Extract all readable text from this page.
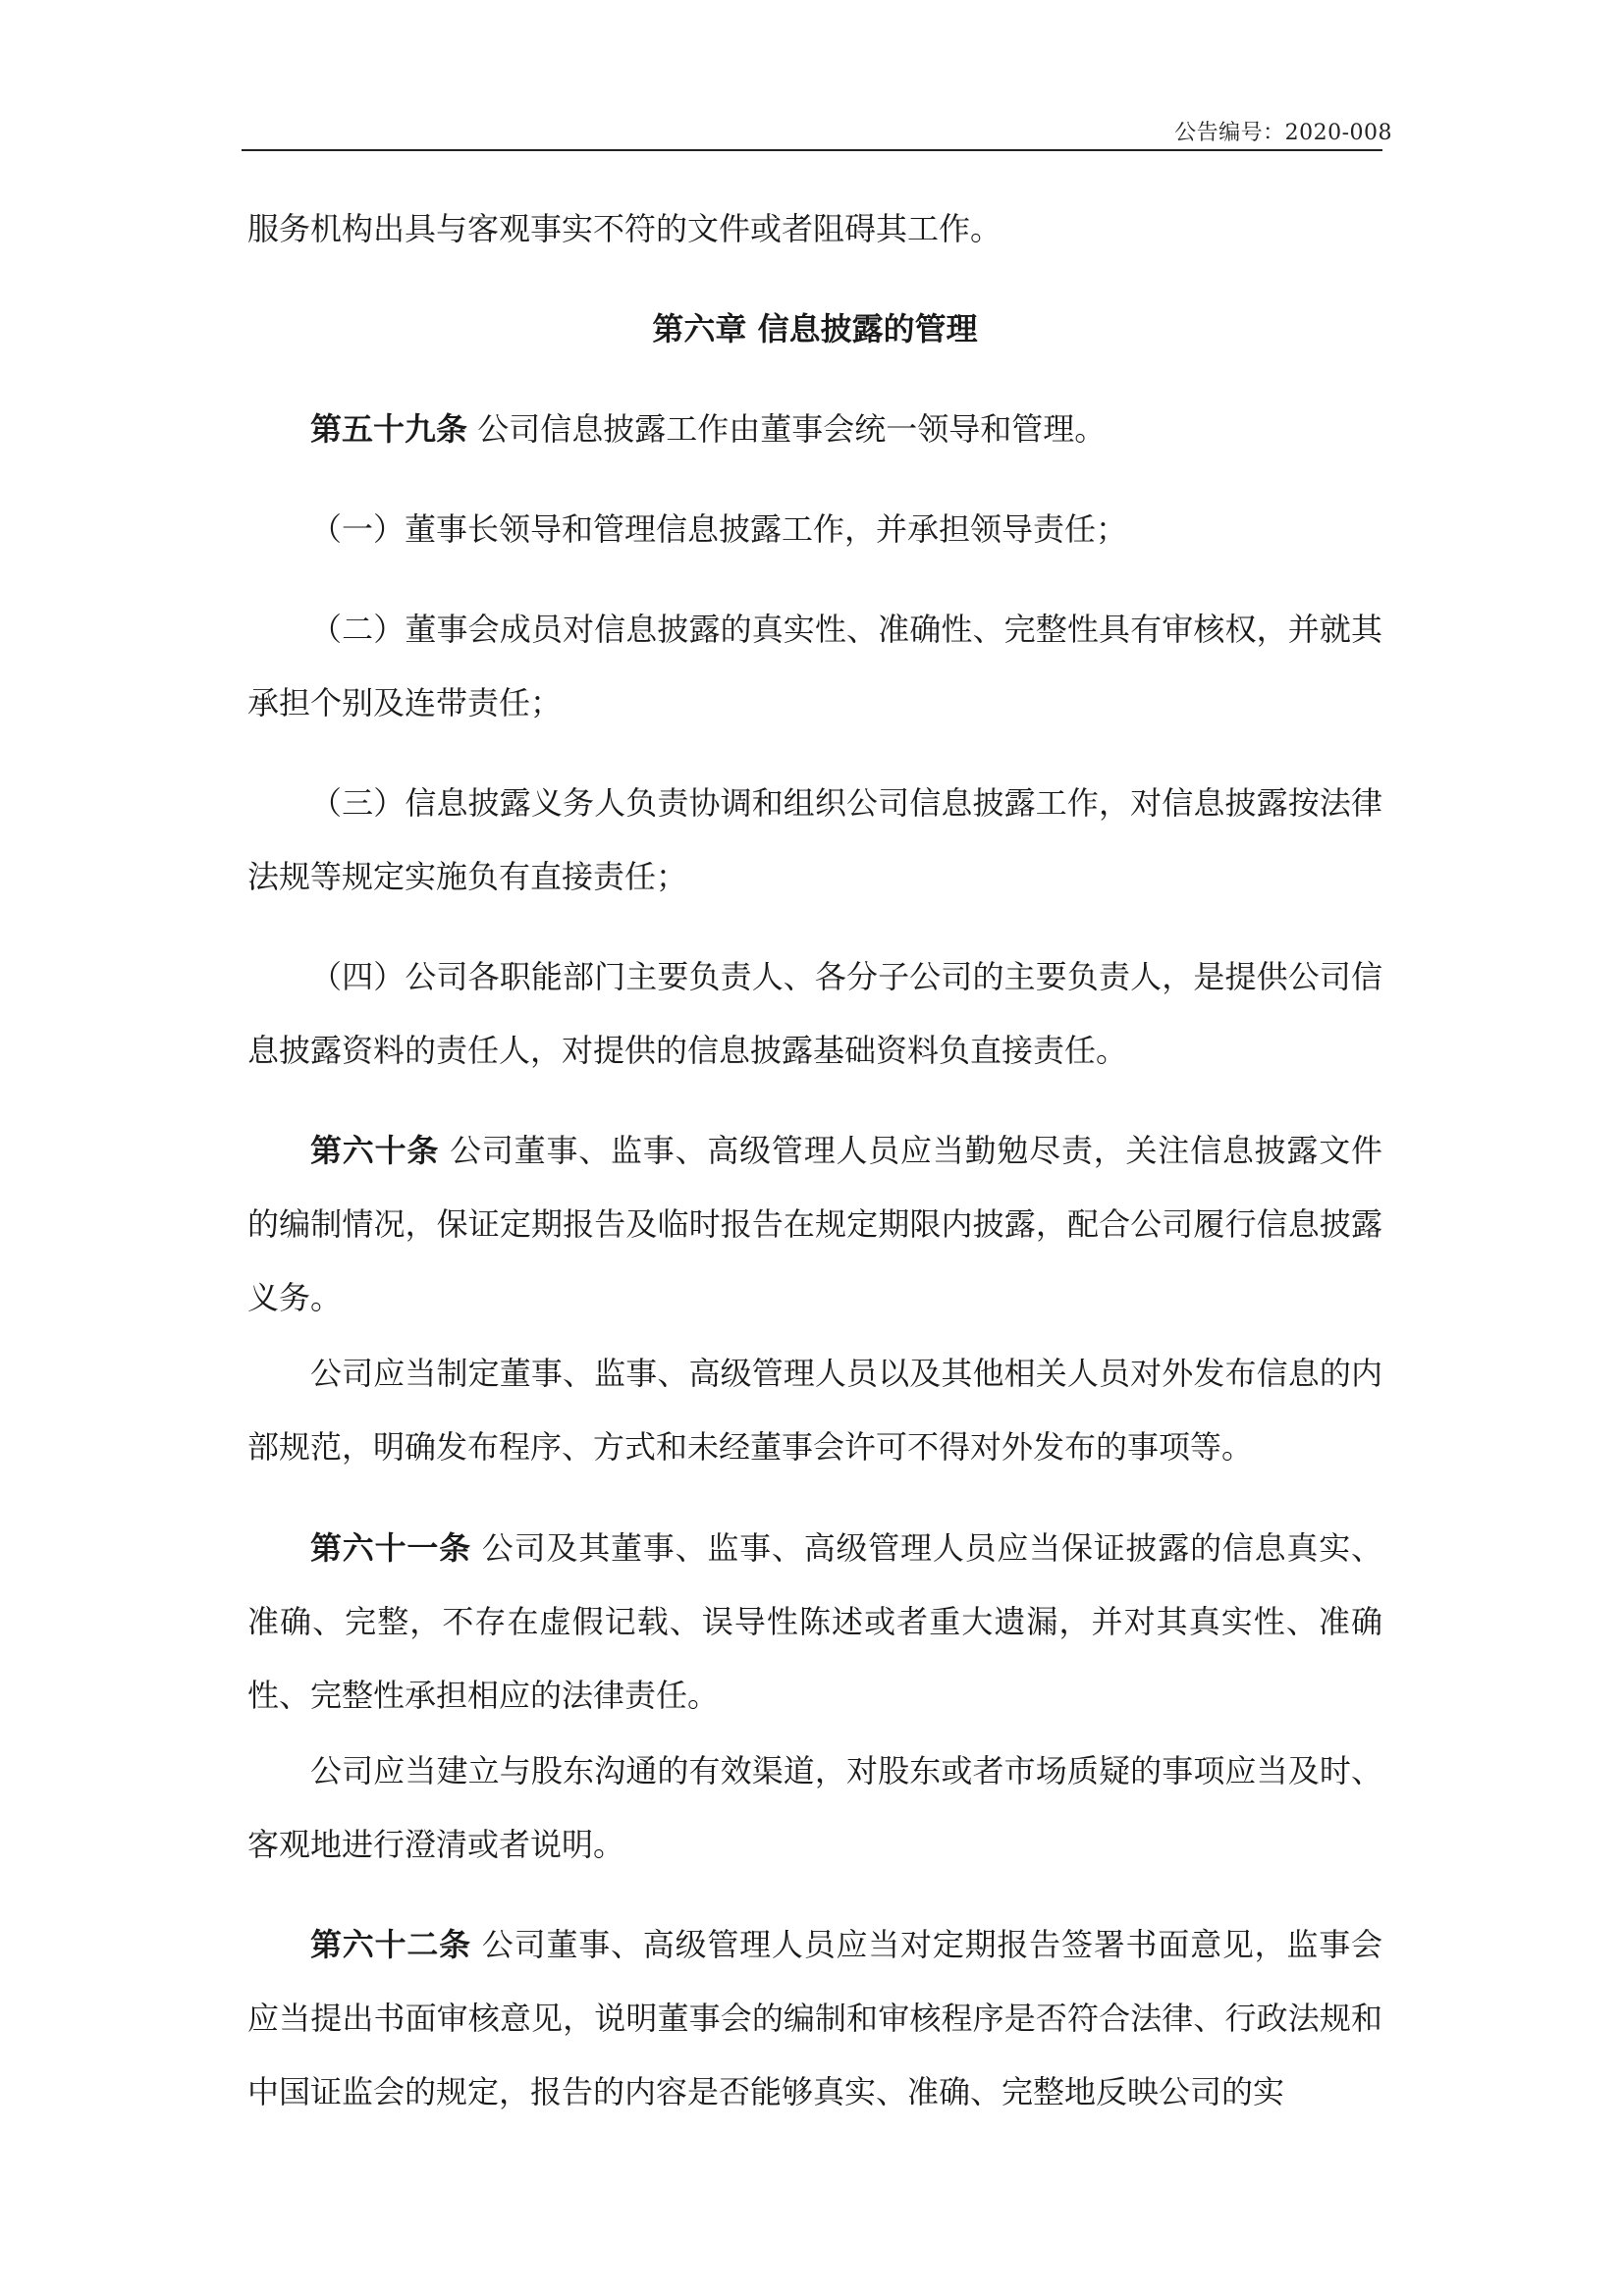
公告编号：2020-008

服务机构出具与客观事实不符的文件或者阻碍其工作。

第六章 信息披露的管理

第五十九条 公司信息披露工作由董事会统一领导和管理。

（一）董事长领导和管理信息披露工作，并承担领导责任；

（二）董事会成员对信息披露的真实性、准确性、完整性具有审核权，并就其承担个别及连带责任；

（三）信息披露义务人负责协调和组织公司信息披露工作，对信息披露按法律法规等规定实施负有直接责任；

（四）公司各职能部门主要负责人、各分子公司的主要负责人，是提供公司信息披露资料的责任人，对提供的信息披露基础资料负直接责任。

第六十条 公司董事、监事、高级管理人员应当勤勉尽责，关注信息披露文件的编制情况，保证定期报告及临时报告在规定期限内披露，配合公司履行信息披露义务。

公司应当制定董事、监事、高级管理人员以及其他相关人员对外发布信息的内部规范，明确发布程序、方式和未经董事会许可不得对外发布的事项等。

第六十一条 公司及其董事、监事、高级管理人员应当保证披露的信息真实、准确、完整，不存在虚假记载、误导性陈述或者重大遗漏，并对其真实性、准确性、完整性承担相应的法律责任。

公司应当建立与股东沟通的有效渠道，对股东或者市场质疑的事项应当及时、客观地进行澄清或者说明。

第六十二条 公司董事、高级管理人员应当对定期报告签署书面意见，监事会应当提出书面审核意见，说明董事会的编制和审核程序是否符合法律、行政法规和中国证监会的规定，报告的内容是否能够真实、准确、完整地反映公司的实
